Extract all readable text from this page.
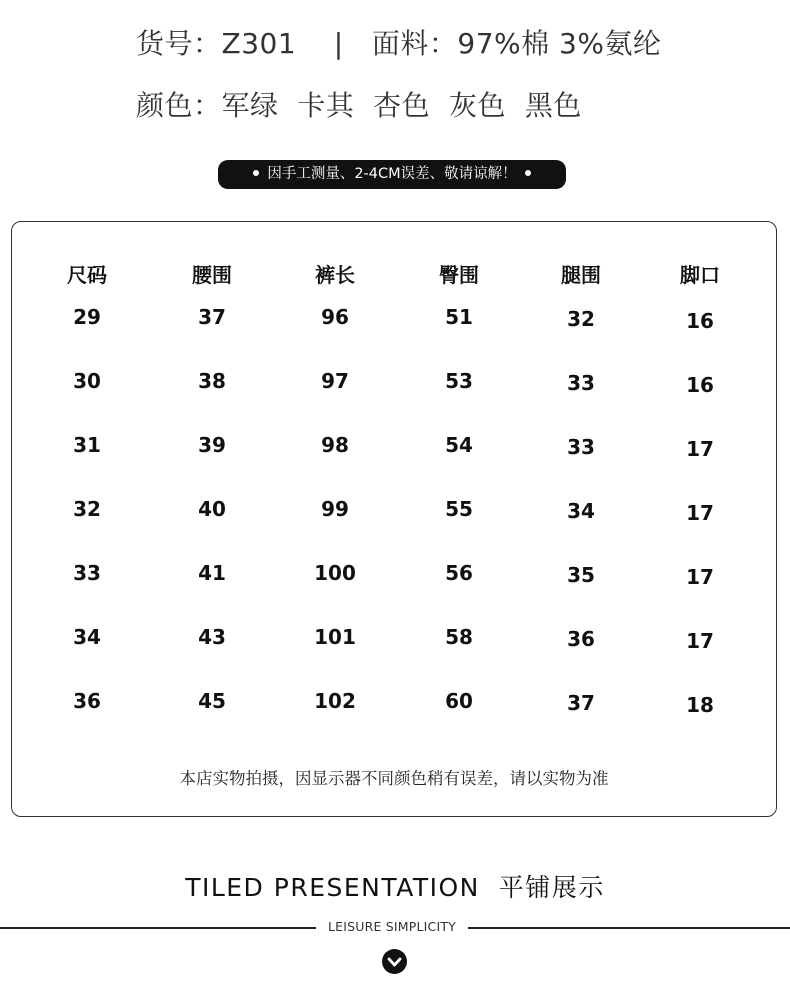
货号：Z301 | 面料：97%棉 3%氨纶
颜色：军绿 卡其 杏色 灰色 黑色
因手工测量、2-4CM误差、敬请谅解！
尺码	腰围	裤长	臀围	腿围	脚口
29	37	96	51	32	16
30	38	97	53	33	16
31	39	98	54	33	17
32	40	99	55	34	17
33	41	100	56	35	17
34	43	101	58	36	17
36	45	102	60	37	18
本店实物拍摄，因显示器不同颜色稍有误差，请以实物为准
TILED PRESENTATION 平铺展示
LEISURE SIMPLICITY
